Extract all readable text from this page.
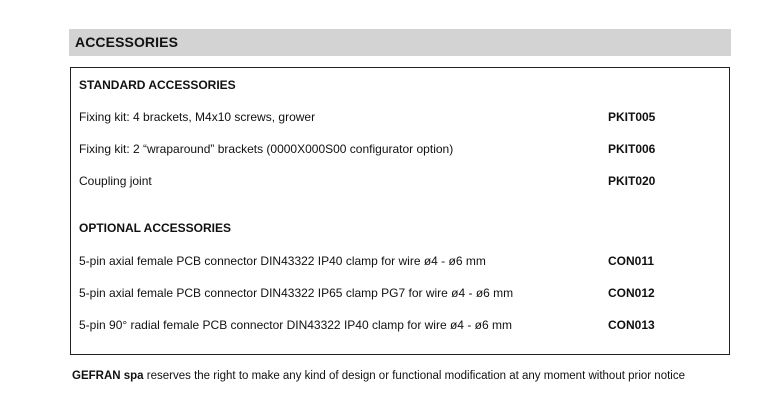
ACCESSORIES
STANDARD ACCESSORIES
Fixing kit: 4 brackets, M4x10 screws, grower	PKIT005
Fixing kit: 2 “wraparound” brackets (0000X000S00 configurator option)	PKIT006
Coupling joint	PKIT020
OPTIONAL ACCESSORIES
5-pin axial female PCB connector DIN43322 IP40 clamp for wire ø4 - ø6 mm	CON011
5-pin axial female PCB connector DIN43322 IP65 clamp PG7 for wire ø4 - ø6 mm	CON012
5-pin 90° radial female PCB connector DIN43322 IP40 clamp for wire ø4 - ø6 mm	CON013
GEFRAN spa reserves the right to make any kind of design or functional modification at any moment without prior notice
